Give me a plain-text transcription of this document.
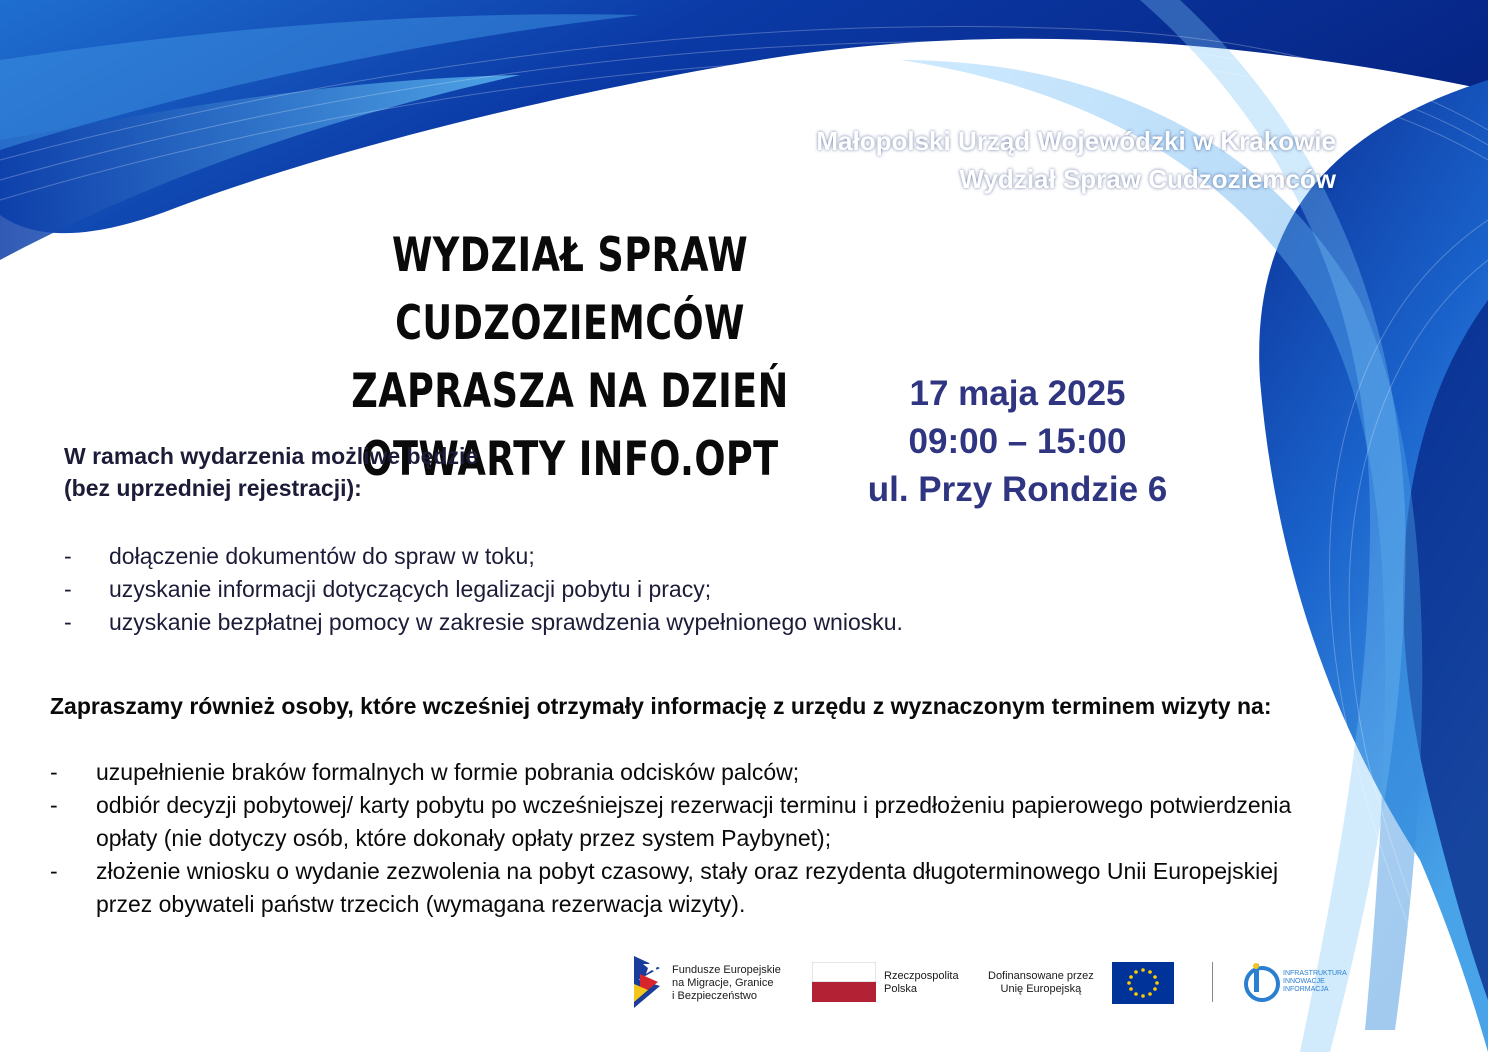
Małopolski Urząd Wojewódzki w Krakowie
Wydział Spraw Cudzoziemców
WYDZIAŁ SPRAW CUDZOZIEMCÓW
ZAPRASZA NA DZIEŃ OTWARTY INFO.OPT
17 maja 2025
09:00 – 15:00
ul. Przy Rondzie 6
W ramach wydarzenia możliwe będzie
(bez uprzedniej rejestracji):
- dołączenie dokumentów do spraw w toku;
- uzyskanie informacji dotyczących legalizacji pobytu i pracy;
- uzyskanie bezpłatnej pomocy w zakresie sprawdzenia wypełnionego wniosku.
Zapraszamy również osoby, które wcześniej otrzymały informację z urzędu z wyznaczonym terminem wizyty na:
- uzupełnienie braków formalnych w formie pobrania odcisków palców;
- odbiór decyzji pobytowej/ karty pobytu po wcześniejszej rezerwacji terminu i przedłożeniu papierowego potwierdzenia opłaty (nie dotyczy osób, które dokonały opłaty przez system Paybynet);
- złożenie wniosku o wydanie zezwolenia na pobyt czasowy, stały oraz rezydenta długoterminowego Unii Europejskiej przez obywateli państw trzecich (wymagana rezerwacja wizyty).
Fundusze Europejskie
na Migracje, Granice
i Bezpieczeństwo
Rzeczpospolita
Polska
Dofinansowane przez
Unię Europejską
INFRASTRUKTURA
INNOWACJE
INFORMACJA
